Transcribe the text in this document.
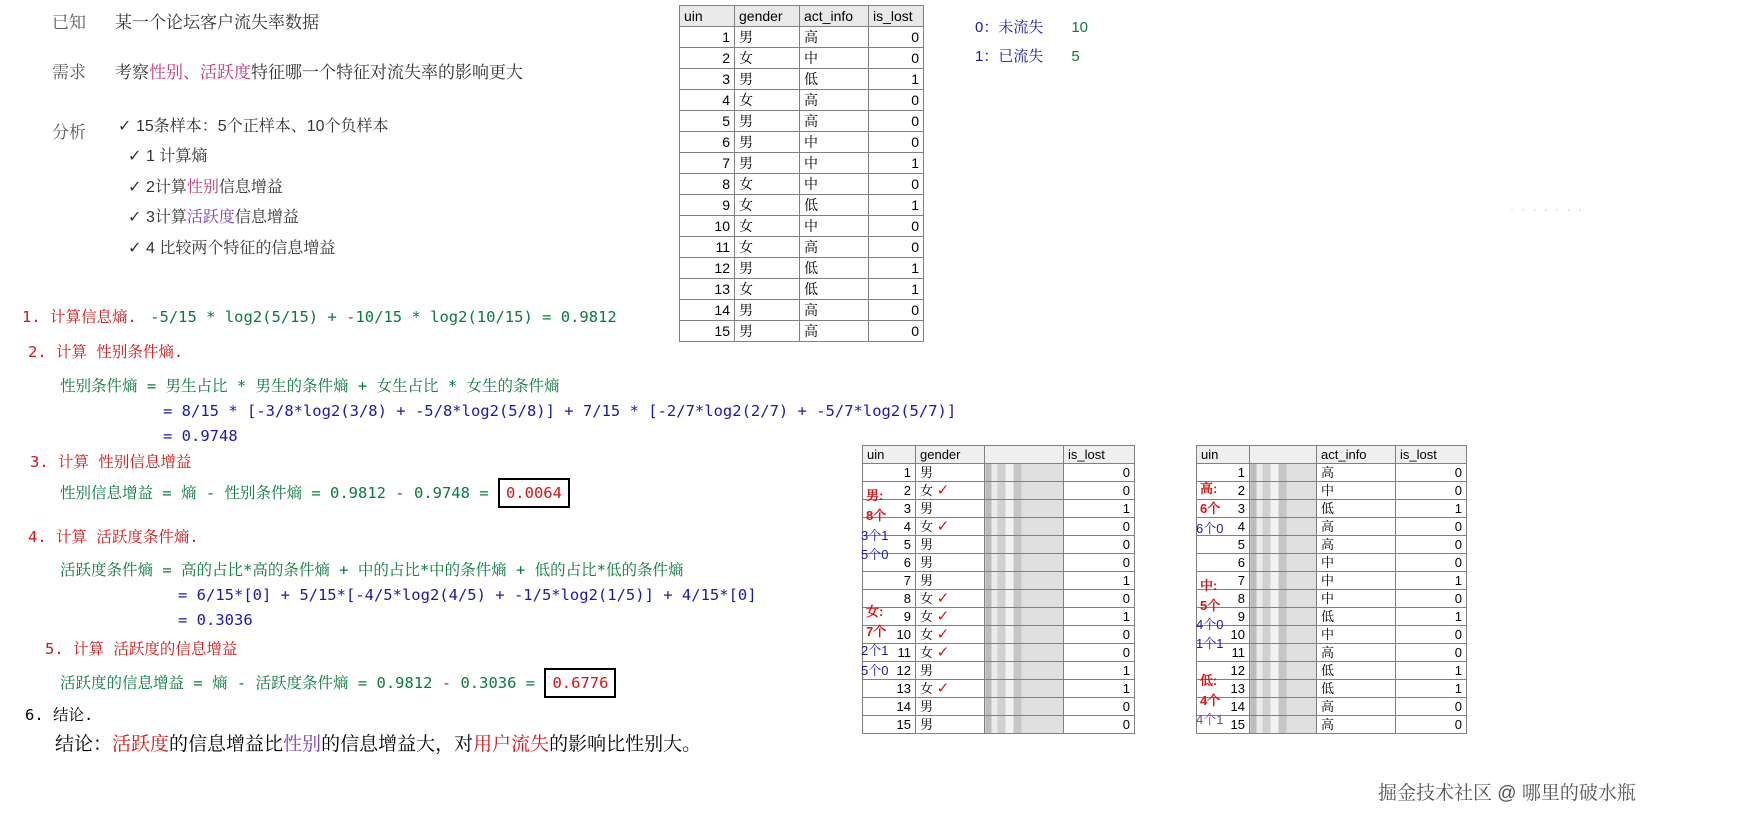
已知 某一个论坛客户流失率数据
需求 考察性别、活跃度特征哪一个特征对流失率的影响更大
分析 ✓ 15条样本：5个正样本、10个负样本
✓ 1 计算熵
✓ 2计算性别信息增益
✓ 3计算活跃度信息增益
✓ 4 比较两个特征的信息增益
uin	gender	act_info	is_lost
1	男	高	0
2	女	中	0
3	男	低	1
4	女	高	0
5	男	高	0
6	男	中	0
7	男	中	1
8	女	中	0
9	女	低	1
10	女	中	0
11	女	高	0
12	男	低	1
13	女	低	1
14	男	高	0
15	男	高	0
0：未流失 10
1：已流失 5
· · · · · · ·
1. 计算信息熵. -5/15 * log2(5/15) + -10/15 * log2(10/15) = 0.9812
2. 计算 性别条件熵.
性别条件熵 = 男生占比 * 男生的条件熵 + 女生占比 * 女生的条件熵
= 8/15 * [-3/8*log2(3/8) + -5/8*log2(5/8)] + 7/15 * [-2/7*log2(2/7) + -5/7*log2(5/7)]
= 0.9748
3. 计算 性别信息增益
性别信息增益 = 熵 - 性别条件熵 = 0.9812 - 0.9748 = 0.0064
4. 计算 活跃度条件熵.
活跃度条件熵 = 高的占比*高的条件熵 + 中的占比*中的条件熵 + 低的占比*低的条件熵
= 6/15*[0] + 5/15*[-4/5*log2(4/5) + -1/5*log2(1/5)] + 4/15*[0]
= 0.3036
5. 计算 活跃度的信息增益
活跃度的信息增益 = 熵 - 活跃度条件熵 = 0.9812 - 0.3036 = 0.6776
6. 结论.
结论：活跃度的信息增益比性别的信息增益大，对用户流失的影响比性别大。
uin	gender		is_lost
1	男		0
2	女 ✓		0
3	男		1
4	女 ✓		0
5	男		0
6	男		0
7	男		1
8	女 ✓		0
9	女 ✓		1
10	女 ✓		0
11	女 ✓		0
12	男		1
13	女 ✓		1
14	男		0
15	男		0
男:
8个
3个1
5个0
女:
7个
2个1
5个0
uin		act_info	is_lost
1		高	0
2		中	0
3		低	1
4		高	0
5		高	0
6		中	0
7		中	1
8		中	0
9		低	1
10		中	0
11		高	0
12		低	1
13		低	1
14		高	0
15		高	0
高:
6个
6个0
中:
5个
4个0
1个1
低:
4个
4个1
掘金技术社区 @ 哪里的破水瓶
